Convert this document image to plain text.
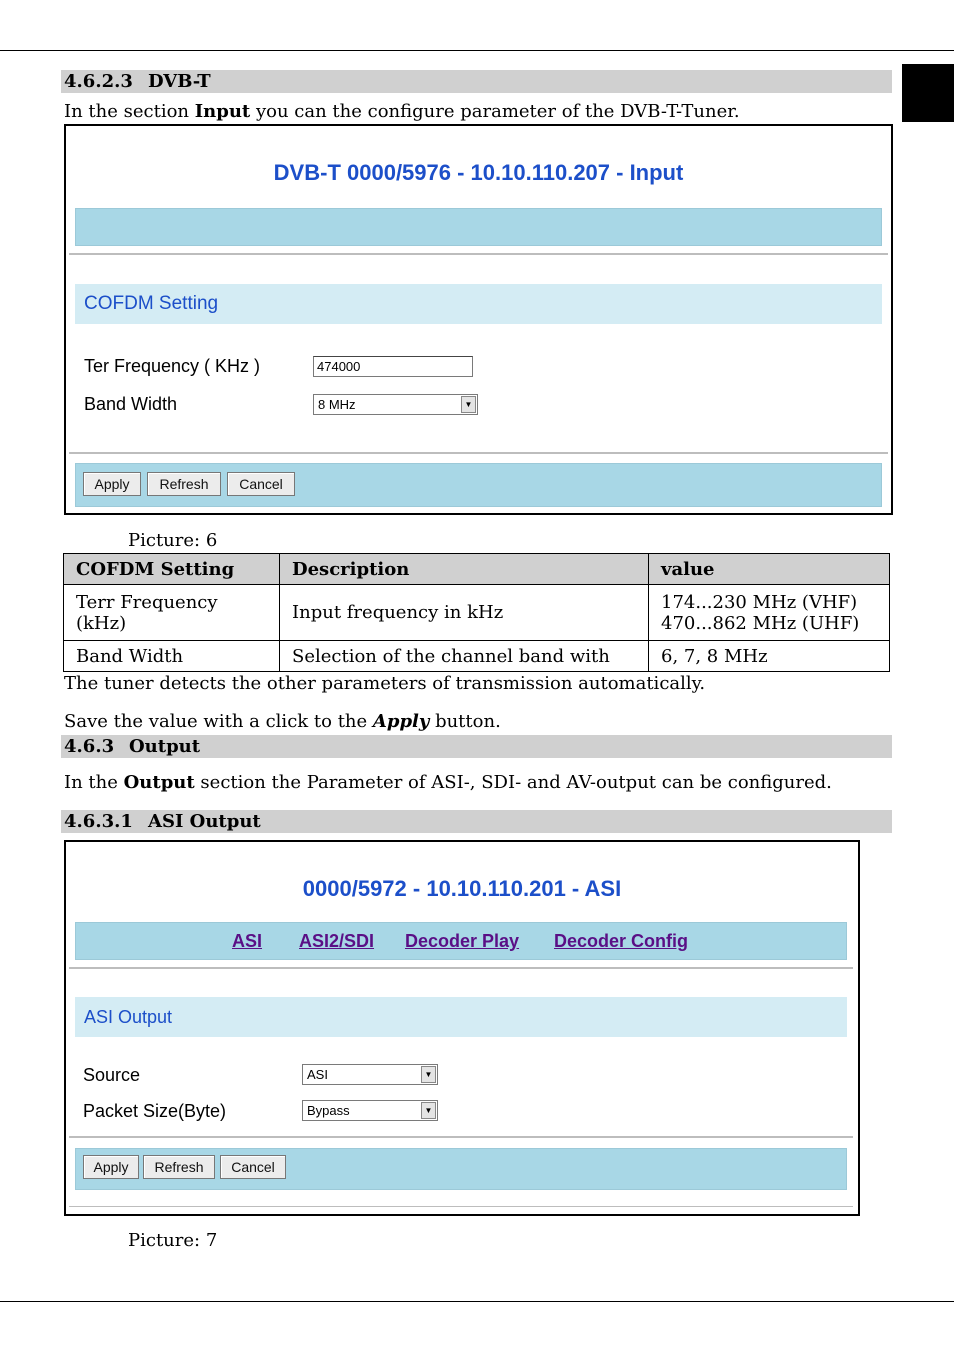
4.6.2.3 DVB-T
In the section Input you can the configure parameter of the DVB-T-Tuner.
DVB-T 0000/5976 - 10.10.110.207 - Input
COFDM Setting
Ter Frequency ( KHz )	474000
Band Width	8 MHz	▼
Apply	Refresh	Cancel
Picture: 6
COFDM Setting	Description	value
Terr Frequency
(kHz)	Input frequency in kHz	174...230 MHz (VHF)
470...862 MHz (UHF)
Band Width	Selection of the channel band with	6, 7, 8 MHz
The tuner detects the other parameters of transmission automatically.
Save the value with a click to the Apply button.
4.6.3 Output
In the Output section the Parameter of ASI-, SDI- and AV-output can be configured.
4.6.3.1 ASI Output
0000/5972 - 10.10.110.201 - ASI
ASI ASI2/SDI Decoder Play Decoder Config
ASI Output
Source	ASI	▼
Packet Size(Byte)	Bypass	▼
Apply	Refresh	Cancel
Picture: 7
